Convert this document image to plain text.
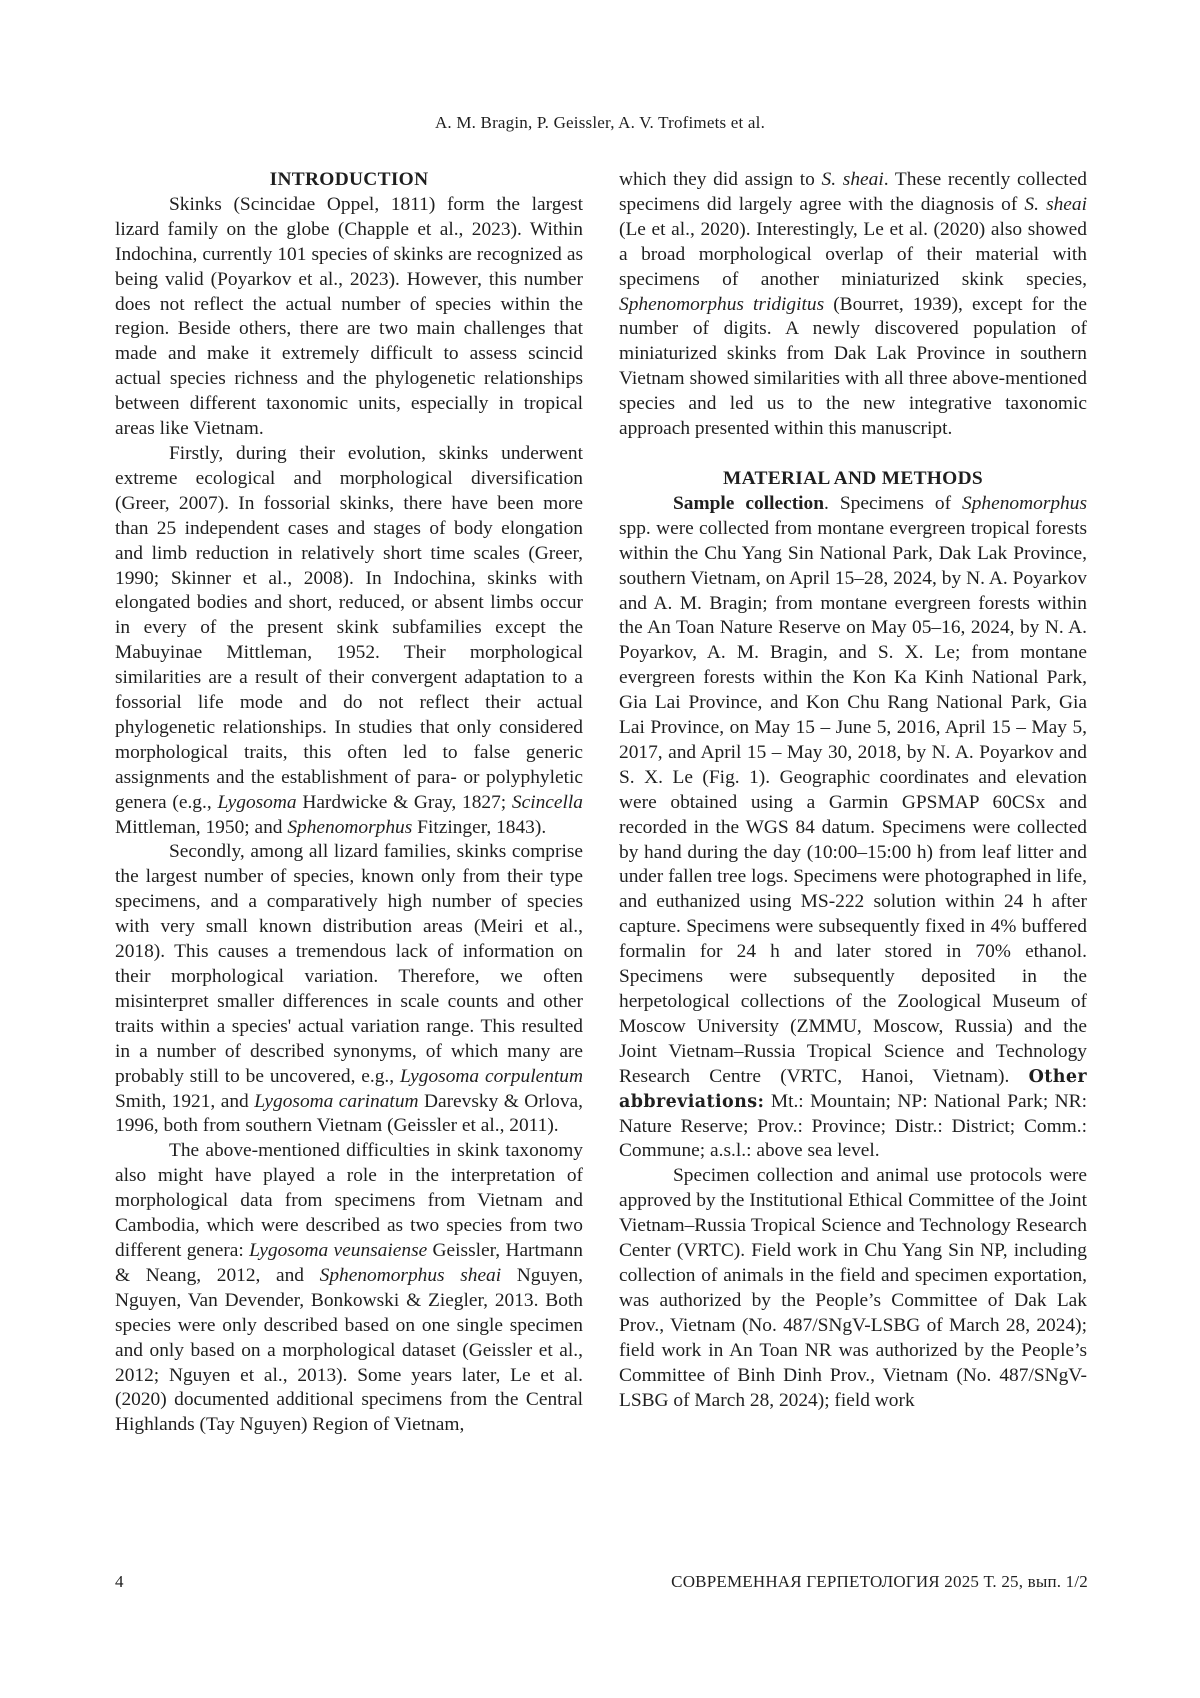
A. M. Bragin, P. Geissler, A. V. Trofimets et al.
INTRODUCTION

Skinks (Scincidae Oppel, 1811) form the largest lizard family on the globe (Chapple et al., 2023). Within Indochina, currently 101 species of skinks are recognized as being valid (Poyarkov et al., 2023). However, this number does not reflect the actual number of species within the region. Beside others, there are two main challenges that made and make it extremely difficult to assess scincid actual species richness and the phylogenetic relationships between different taxonomic units, especially in tropical areas like Vietnam.

Firstly, during their evolution, skinks underwent extreme ecological and morphological diversification (Greer, 2007). In fossorial skinks, there have been more than 25 independent cases and stages of body elongation and limb reduction in relatively short time scales (Greer, 1990; Skinner et al., 2008). In Indochina, skinks with elongated bodies and short, reduced, or absent limbs occur in every of the present skink subfamilies except the Mabuyinae Mittleman, 1952. Their morphological similarities are a result of their convergent adaptation to a fossorial life mode and do not reflect their actual phylogenetic relationships. In studies that only considered morphological traits, this often led to false generic assignments and the establishment of para- or polyphyletic genera (e.g., Lygosoma Hardwicke & Gray, 1827; Scincella Mittleman, 1950; and Sphenomorphus Fitzinger, 1843).

Secondly, among all lizard families, skinks comprise the largest number of species, known only from their type specimens, and a comparatively high number of species with very small known distribution areas (Meiri et al., 2018). This causes a tremendous lack of information on their morphological variation. Therefore, we often misinterpret smaller differences in scale counts and other traits within a species' actual variation range. This resulted in a number of described synonyms, of which many are probably still to be uncovered, e.g., Lygosoma corpulentum Smith, 1921, and Lygosoma carinatum Darevsky & Orlova, 1996, both from southern Vietnam (Geissler et al., 2011).

The above-mentioned difficulties in skink taxonomy also might have played a role in the interpretation of morphological data from specimens from Vietnam and Cambodia, which were described as two species from two different genera: Lygosoma veunsaiense Geissler, Hartmann & Neang, 2012, and Sphenomorphus sheai Nguyen, Nguyen, Van Devender, Bonkowski & Ziegler, 2013. Both species were only described based on one single specimen and only based on a morphological dataset (Geissler et al., 2012; Nguyen et al., 2013). Some years later, Le et al. (2020) documented additional specimens from the Central Highlands (Tay Nguyen) Region of Vietnam,

which they did assign to S. sheai. These recently collected specimens did largely agree with the diagnosis of S. sheai (Le et al., 2020). Interestingly, Le et al. (2020) also showed a broad morphological overlap of their material with specimens of another miniaturized skink species, Sphenomorphus tridigitus (Bourret, 1939), except for the number of digits. A newly discovered population of miniaturized skinks from Dak Lak Province in southern Vietnam showed similarities with all three above-mentioned species and led us to the new integrative taxonomic approach presented within this manuscript.

MATERIAL AND METHODS

Sample collection. Specimens of Sphenomorphus spp. were collected from montane evergreen tropical forests within the Chu Yang Sin National Park, Dak Lak Province, southern Vietnam, on April 15–28, 2024, by N. A. Poyarkov and A. M. Bragin; from montane evergreen forests within the An Toan Nature Reserve on May 05–16, 2024, by N. A. Poyarkov, A. M. Bragin, and S. X. Le; from montane evergreen forests within the Kon Ka Kinh National Park, Gia Lai Province, and Kon Chu Rang National Park, Gia Lai Province, on May 15 – June 5, 2016, April 15 – May 5, 2017, and April 15 – May 30, 2018, by N. A. Poyarkov and S. X. Le (Fig. 1). Geographic coordinates and elevation were obtained using a Garmin GPSMAP 60CSx and recorded in the WGS 84 datum. Specimens were collected by hand during the day (10:00–15:00 h) from leaf litter and under fallen tree logs. Specimens were photographed in life, and euthanized using MS-222 solution within 24 h after capture. Specimens were subsequently fixed in 4% buffered formalin for 24 h and later stored in 70% ethanol. Specimens were subsequently deposited in the herpetological collections of the Zoological Museum of Moscow University (ZMMU, Moscow, Russia) and the Joint Vietnam–Russia Tropical Science and Technology Research Centre (VRTC, Hanoi, Vietnam). Other abbreviations: Mt.: Mountain; NP: National Park; NR: Nature Reserve; Prov.: Province; Distr.: District; Comm.: Commune; a.s.l.: above sea level.

Specimen collection and animal use protocols were approved by the Institutional Ethical Committee of the Joint Vietnam–Russia Tropical Science and Technology Research Center (VRTC). Field work in Chu Yang Sin NP, including collection of animals in the field and specimen exportation, was authorized by the People’s Committee of Dak Lak Prov., Vietnam (No. 487/SNgV-LSBG of March 28, 2024); field work in An Toan NR was authorized by the People’s Committee of Binh Dinh Prov., Vietnam (No. 487/SNgV-LSBG of March 28, 2024); field work

4	СОВРЕМЕННАЯ ГЕРПЕТОЛОГИЯ 2025 Т. 25, вып. 1/2
